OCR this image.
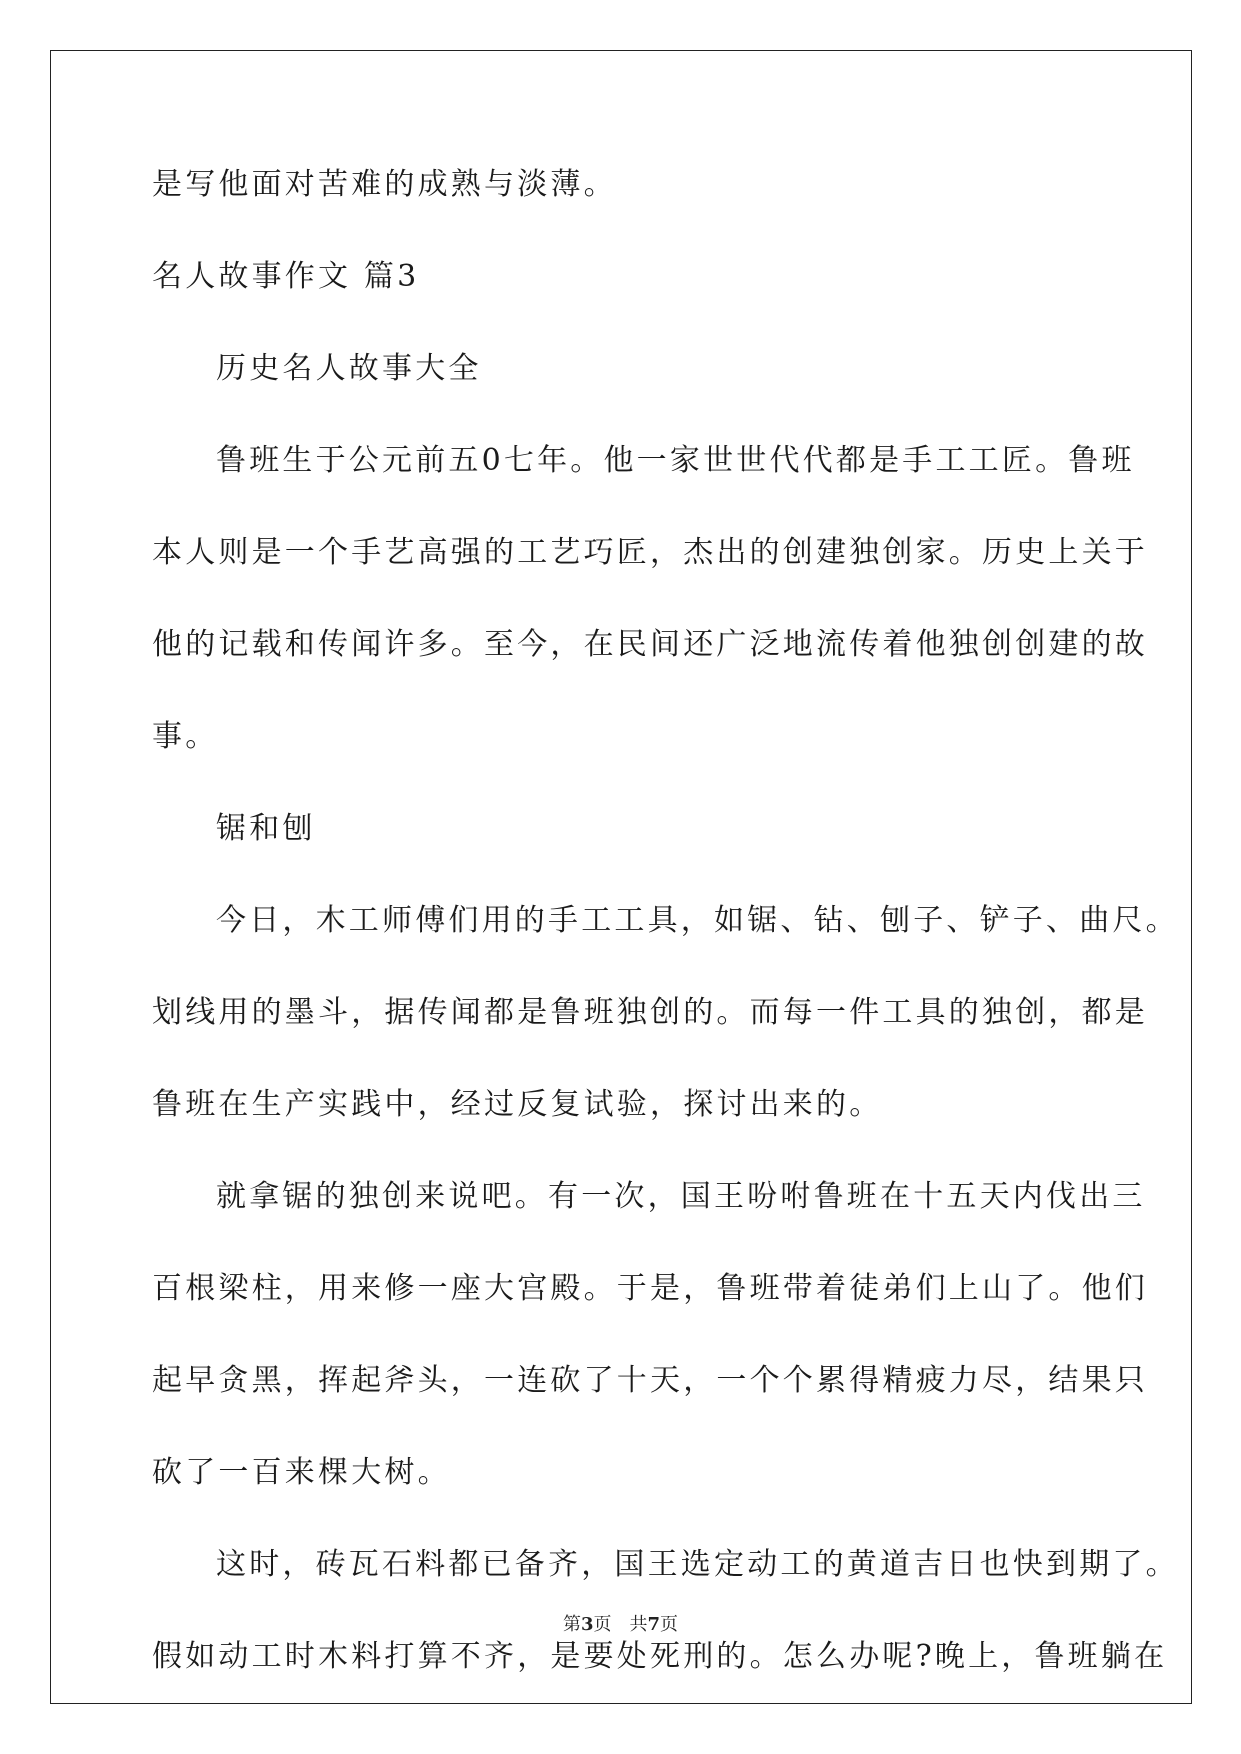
是写他面对苦难的成熟与淡薄。

名人故事作文 篇3

历史名人故事大全

鲁班生于公元前五0七年。他一家世世代代都是手工工匠。鲁班

本人则是一个手艺高强的工艺巧匠，杰出的创建独创家。历史上关于

他的记载和传闻许多。至今，在民间还广泛地流传着他独创创建的故

事。

锯和刨

今日，木工师傅们用的手工工具，如锯、钻、刨子、铲子、曲尺。

划线用的墨斗，据传闻都是鲁班独创的。而每一件工具的独创，都是

鲁班在生产实践中，经过反复试验，探讨出来的。

就拿锯的独创来说吧。有一次，国王吩咐鲁班在十五天内伐出三

百根梁柱，用来修一座大宫殿。于是，鲁班带着徒弟们上山了。他们

起早贪黑，挥起斧头，一连砍了十天，一个个累得精疲力尽，结果只

砍了一百来棵大树。

这时，砖瓦石料都已备齐，国王选定动工的黄道吉日也快到期了。

假如动工时木料打算不齐，是要处死刑的。怎么办呢?晚上，鲁班躺在

第3页 共7页
